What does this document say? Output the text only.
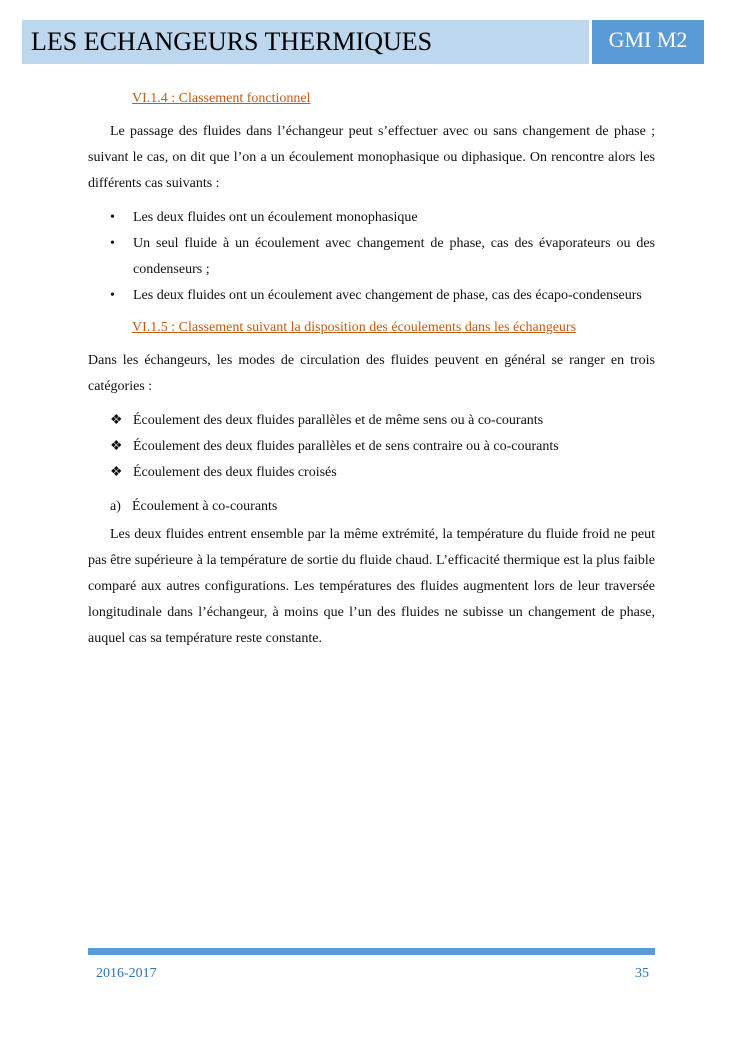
LES ECHANGEURS THERMIQUES	GMI M2
VI.1.4 : Classement fonctionnel

Le passage des fluides dans l’échangeur peut s’effectuer avec ou sans changement de phase ; suivant le cas, on dit que l’on a un écoulement monophasique ou diphasique. On rencontre alors les différents cas suivants :

•	Les deux fluides ont un écoulement monophasique
•	Un seul fluide à un écoulement avec changement de phase, cas des évaporateurs ou des condenseurs ;
•	Les deux fluides ont un écoulement avec changement de phase, cas des écapo-condenseurs
VI.1.5 : Classement suivant la disposition des écoulements dans les échangeurs

Dans les échangeurs, les modes de circulation des fluides peuvent en général se ranger en trois catégories :

❖ Écoulement des deux fluides parallèles et de même sens ou à co-courants
❖ Écoulement des deux fluides parallèles et de sens contraire ou à co-courants
❖ Écoulement des deux fluides croisés
a) Écoulement à co-courants

Les deux fluides entrent ensemble par la même extrémité, la température du fluide froid ne peut pas être supérieure à la température de sortie du fluide chaud. L’efficacité thermique est la plus faible comparé aux autres configurations. Les températures des fluides augmentent lors de leur traversée longitudinale dans l’échangeur, à moins que l’un des fluides ne subisse un changement de phase, auquel cas sa température reste constante.

2016-2017	35
